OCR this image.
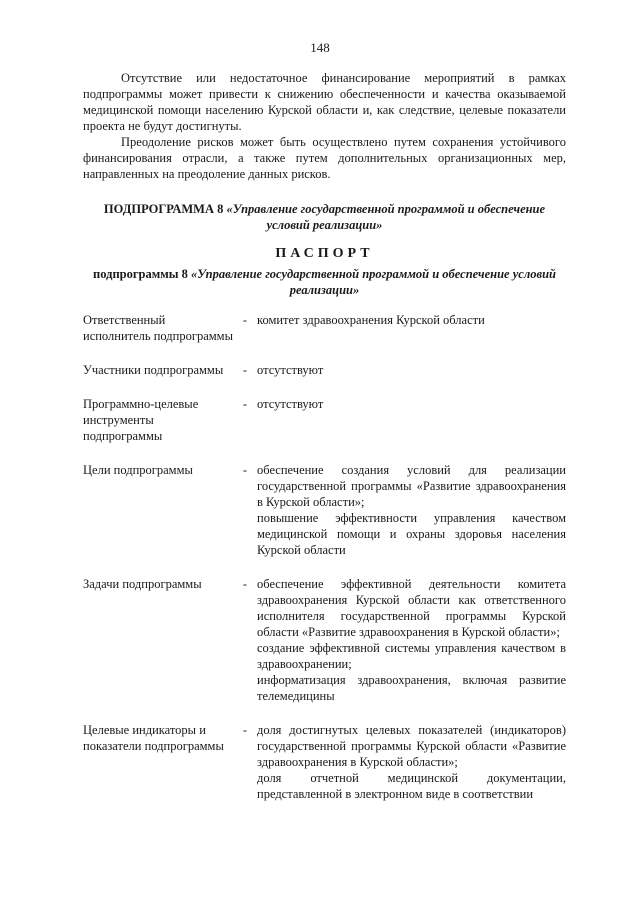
148

Отсутствие или недостаточное финансирование мероприятий в рамках подпрограммы может привести к снижению обеспеченности и качества оказываемой медицинской помощи населению Курской области и, как следствие, целевые показатели проекта не будут достигнуты.

Преодоление рисков может быть осуществлено путем сохранения устойчивого финансирования отрасли, а также путем дополнительных организационных мер, направленных на преодоление данных рисков.

ПОДПРОГРАММА 8 «Управление государственной программой и обеспечение условий реализации»
ПАСПОРТ
подпрограммы 8 «Управление государственной программой и обеспечение условий реализации»
Ответственный исполнитель подпрограммы
- комитет здравоохранения Курской области

Участники подпрограммы	- отсутствуют

Программно-целевые инструменты подпрограммы
- отсутствуют

Цели подпрограммы	- обеспечение создания условий для реализации государственной программы «Развитие здравоохранения в Курской области»;

повышение эффективности управления качеством медицинской помощи и охраны здоровья населения Курской области

Задачи подпрограммы	- обеспечение эффективной деятельности комитета здравоохранения Курской области как ответственного исполнителя государственной программы Курской области «Развитие здравоохранения в Курской области»;

создание эффективной системы управления качеством в здравоохранении;

информатизация здравоохранения, включая развитие телемедицины

Целевые индикаторы и показатели подпрограммы
- доля достигнутых целевых показателей (индикаторов) государственной программы Курской области «Развитие здравоохранения в Курской области»;

доля отчетной медицинской документации, представленной в электронном виде в соответствии
